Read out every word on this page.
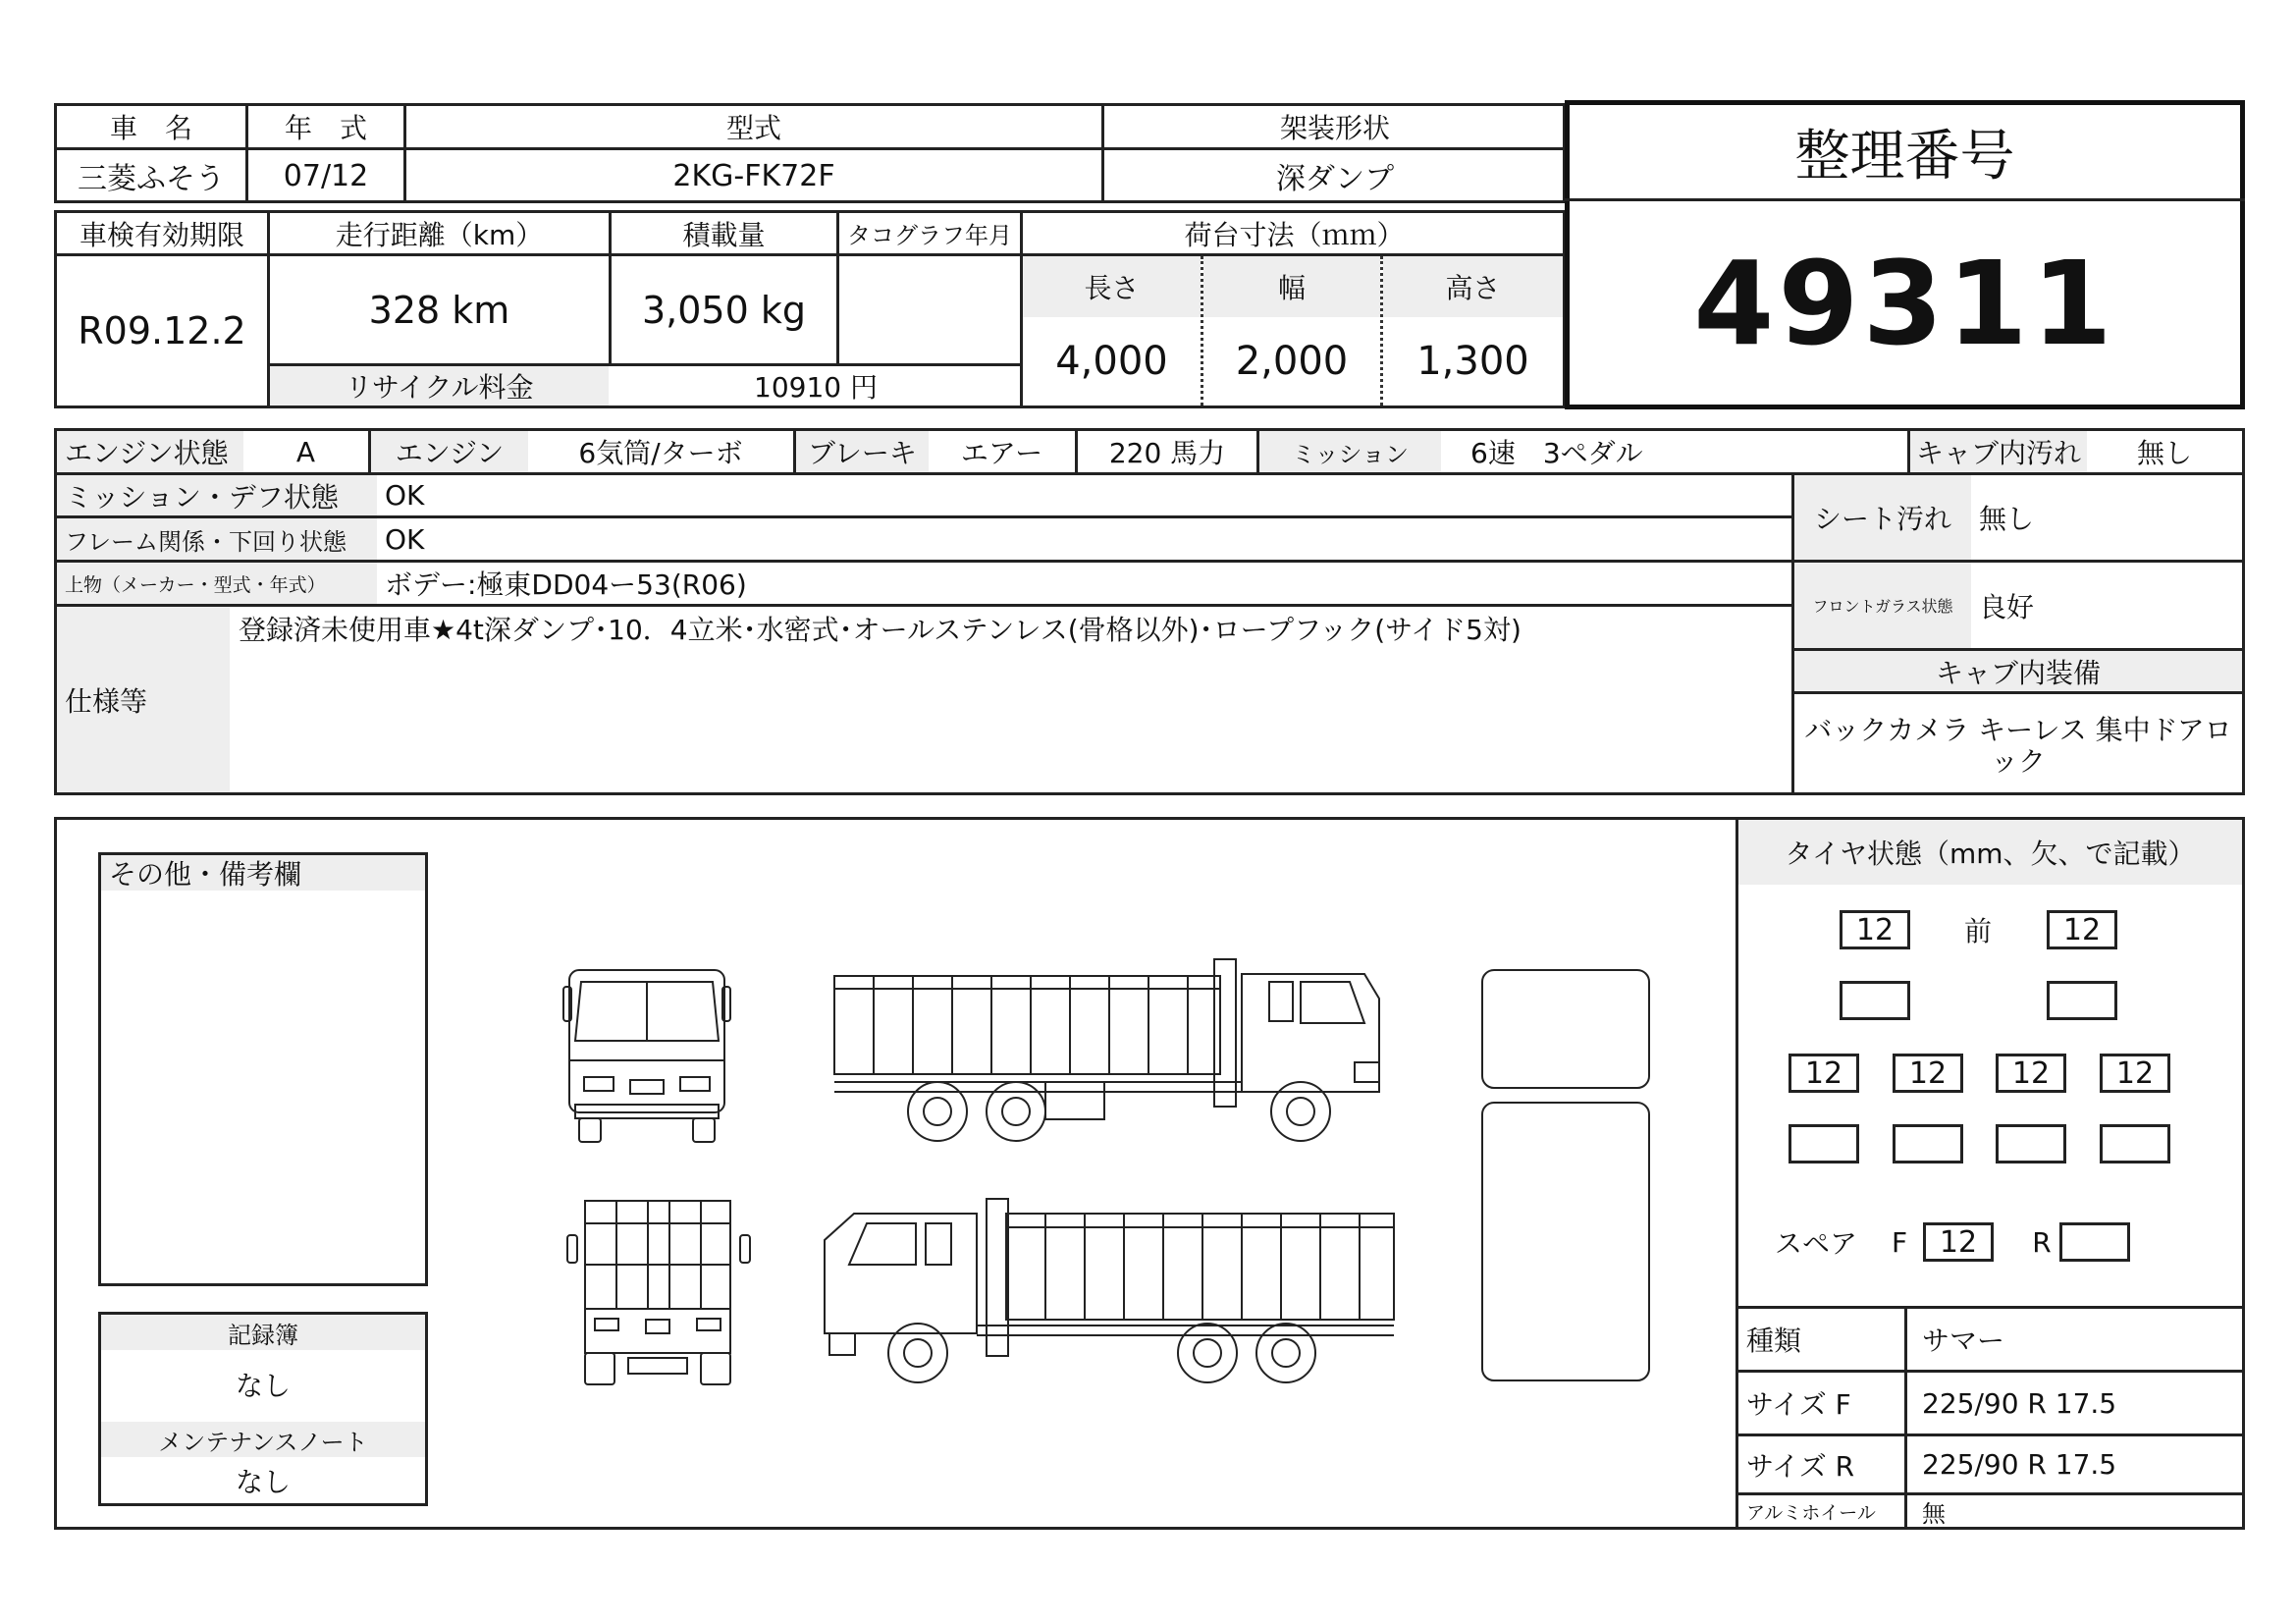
車　名	年　式	型式	架装形状
三菱ふそう	07/12	2KG-FK72F	深ダンプ
車検有効期限	走行距離（km）	積載量	タコグラフ年月	荷台寸法（ｍｍ）
R09.12.2	328 km	3,050 kg
リサイクル料金	10910 円
長さ	幅	高さ
4,000	2,000	1,300
整理番号
49311
エンジン状態	A	エンジン	6気筒/ターボ	ブレーキ	エアー	220 馬力	ミッション	6速　3ペダル	キャブ内汚れ	無し
ミッション・デフ状態	OK
フレーム関係・下回り状態	OK
上物（メーカー・型式・年式）	ボデー:極東DD04ー53(R06)
仕様等
登録済未使用車★4t深ダンプ･10．4立米･水密式･オールステンレス(骨格以外)･ロープフック(サイド5対)
シート汚れ	無し
フロントガラス状態 良好
キャブ内装備
バックカメラ キーレス 集中ドアロ
ック
その他・備考欄
記録簿
なし
メンテナンスノート
なし
タイヤ状態（mm、欠、で記載）
12	前	12
12	12	12	12
スペア F	12	R
種類	サマー
サイズ F	225/90 R 17.5
サイズ R	225/90 R 17.5
アルミホイール	無
